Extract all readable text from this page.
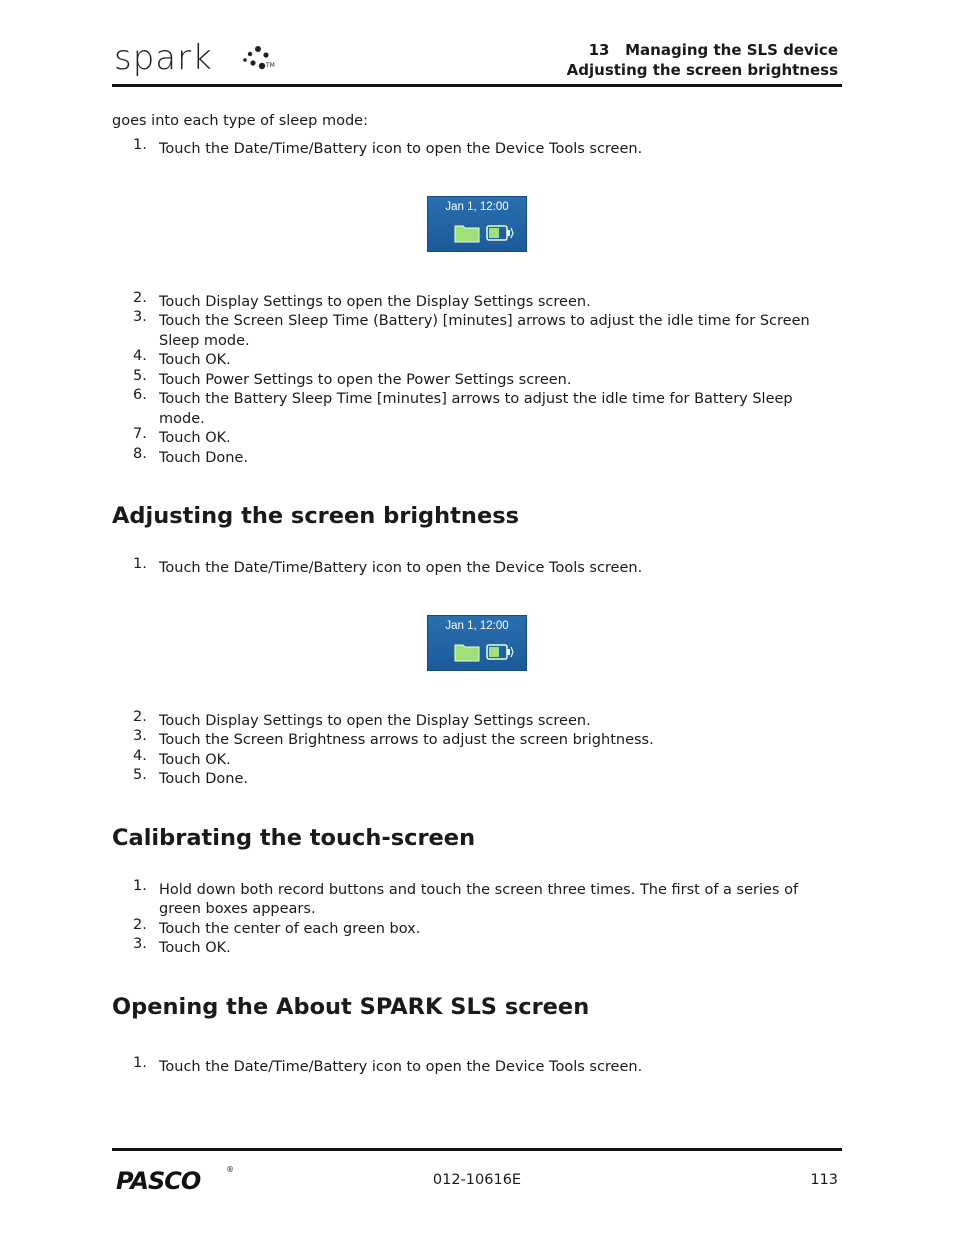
spark	TM
13   Managing the SLS device
Adjusting the screen brightness

goes into each type of sleep mode:

1. Touch the Date/Time/Battery icon to open the Device Tools screen.
Jan 1, 12:00
2. Touch Display Settings to open the Display Settings screen.
3. Touch the Screen Sleep Time (Battery) [minutes] arrows to adjust the idle time for Screen Sleep mode.
4. Touch OK.
5. Touch Power Settings to open the Power Settings screen.
6. Touch the Battery Sleep Time [minutes] arrows to adjust the idle time for Battery Sleep mode.
7. Touch OK.
8. Touch Done.
Adjusting the screen brightness
1. Touch the Date/Time/Battery icon to open the Device Tools screen.
Jan 1, 12:00
2. Touch Display Settings to open the Display Settings screen.
3. Touch the Screen Brightness arrows to adjust the screen brightness.
4. Touch OK.
5. Touch Done.
Calibrating the touch-screen
1. Hold down both record buttons and touch the screen three times. The first of a series of green boxes appears.
2. Touch the center of each green box.
3. Touch OK.
Opening the About SPARK SLS screen
1. Touch the Date/Time/Battery icon to open the Device Tools screen.
PASCO	®
012-10616E	113
